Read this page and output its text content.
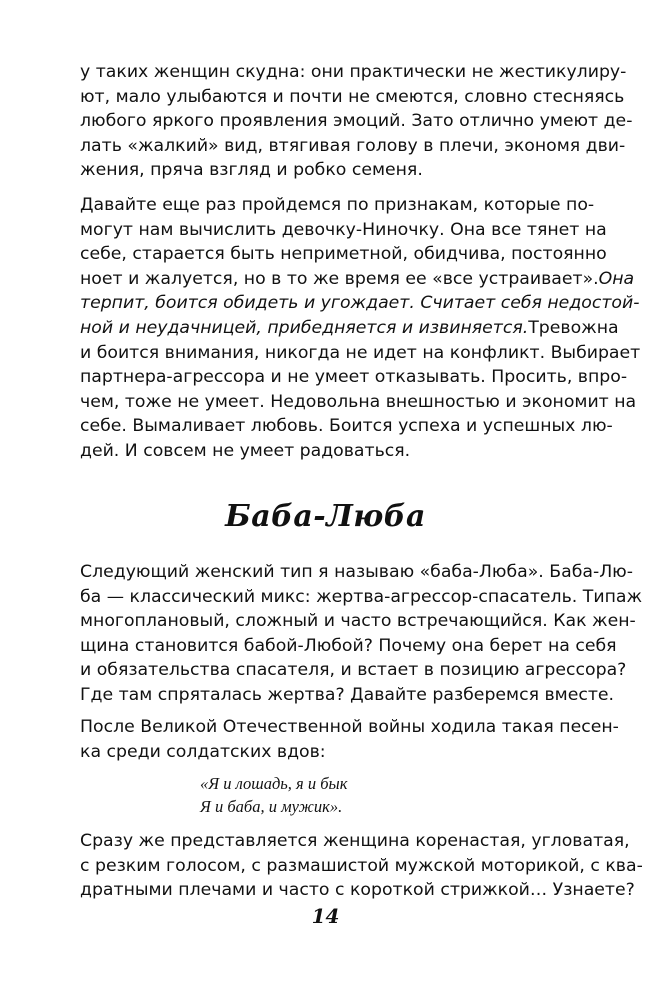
у таких женщин скудна: они практически не жестикулиру-
ют, мало улыбаются и почти не смеются, словно стесняясь
любого яркого проявления эмоций. Зато отлично умеют де-
лать «жалкий» вид, втягивая голову в плечи, экономя дви-
жения, пряча взгляд и робко семеня.
Давайте еще раз пройдемся по признакам, которые по-
могут нам вычислить девочку-Ниночку. Она все тянет на
себе, старается быть неприметной, обидчива, постоянно
ноет и жалуется, но в то же время ее «все устраивает». Она
терпит, боится обидеть и угождает. Считает себя недостой-
ной и неудачницей, прибедняется и извиняется. Тревожна
и боится внимания, никогда не идет на конфликт. Выбирает
партнера-агрессора и не умеет отказывать. Просить, впро-
чем, тоже не умеет. Недовольна внешностью и экономит на
себе. Вымаливает любовь. Боится успеха и успешных лю-
дей. И совсем не умеет радоваться.
Баба-Люба
Следующий женский тип я называю «баба-Люба». Баба-Лю-
ба — классический микс: жертва-агрессор-спасатель. Типаж
многоплановый, сложный и часто встречающийся. Как жен-
щина становится бабой-Любой? Почему она берет на себя
и обязательства спасателя, и встает в позицию агрессора?
Где там спряталась жертва? Давайте разберемся вместе.
После Великой Отечественной войны ходила такая песен-
ка среди солдатских вдов:
«Я и лошадь, я и бык
Я и баба, и мужик».
Сразу же представляется женщина коренастая, угловатая,
с резким голосом, с размашистой мужской моторикой, с ква-
дратными плечами и часто с короткой стрижкой… Узнаете?
14
